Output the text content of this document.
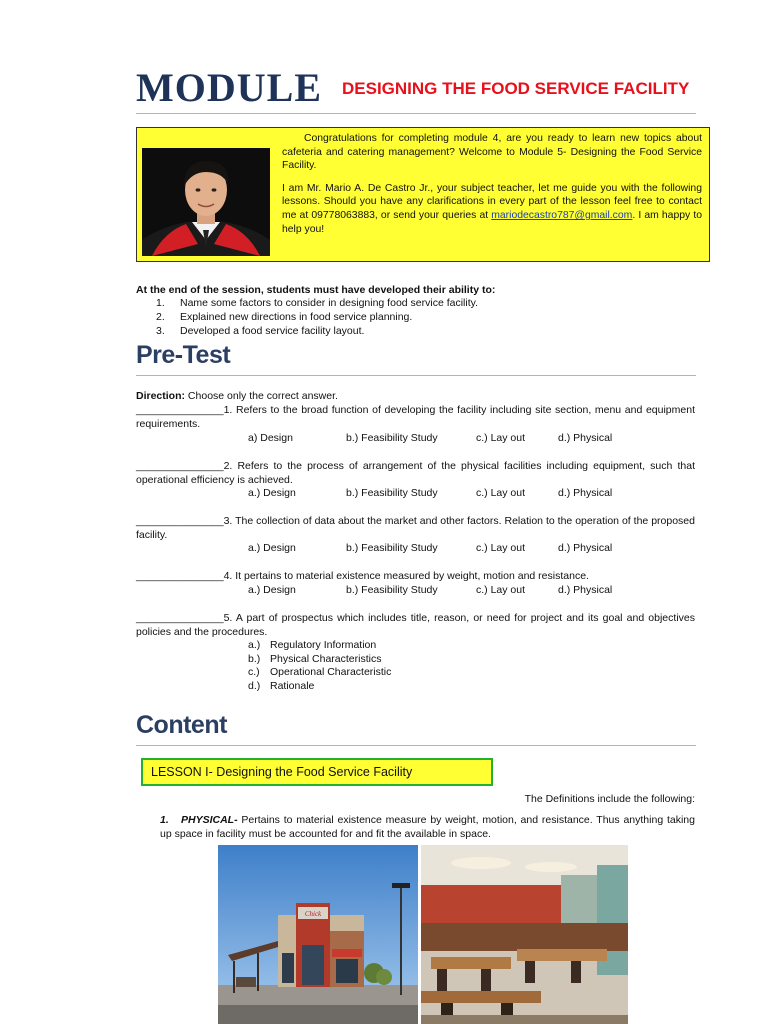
MODULE DESIGNING THE FOOD SERVICE FACILITY

Congratulations for completing module 4, are you ready to learn new topics about cafeteria and catering management? Welcome to Module 5- Designing the Food Service Facility.

I am Mr. Mario A. De Castro Jr., your subject teacher, let me guide you with the following lessons. Should you have any clarifications in every part of the lesson feel free to contact me at 09778063883, or send your queries at mariodecastro787@gmail.com. I am happy to help you!

At the end of the session, students must have developed their ability to:
1.	Name some factors to consider in designing food service facility.
2.	Explained new directions in food service planning.
3.	Developed a food service facility layout.
Pre-Test
Direction: Choose only the correct answer.
_______________1. Refers to the broad function of developing the facility including site section, menu and equipment requirements.
a) Design	b.) Feasibility Study	c.) Lay out	d.) Physical
_______________2. Refers to the process of arrangement of the physical facilities including equipment, such that operational efficiency is achieved.
a.) Design	b.) Feasibility Study	c.) Lay out	d.) Physical
_______________3. The collection of data about the market and other factors. Relation to the operation of the proposed facility.
a.) Design	b.) Feasibility Study	c.) Lay out	d.) Physical
_______________4. It pertains to material existence measured by weight, motion and resistance.
a.) Design	b.) Feasibility Study	c.) Lay out	d.) Physical
_______________5. A part of prospectus which includes title, reason, or need for project and its goal and objectives policies and the procedures.
a.) Regulatory Information
b.) Physical Characteristics
c.) Operational Characteristic
d.) Rationale
Content
LESSON I- Designing the Food Service Facility
The Definitions include the following:
1. PHYSICAL- Pertains to material existence measure by weight, motion, and resistance. Thus anything taking up space in facility must be accounted for and fit the available in space.
Chick
